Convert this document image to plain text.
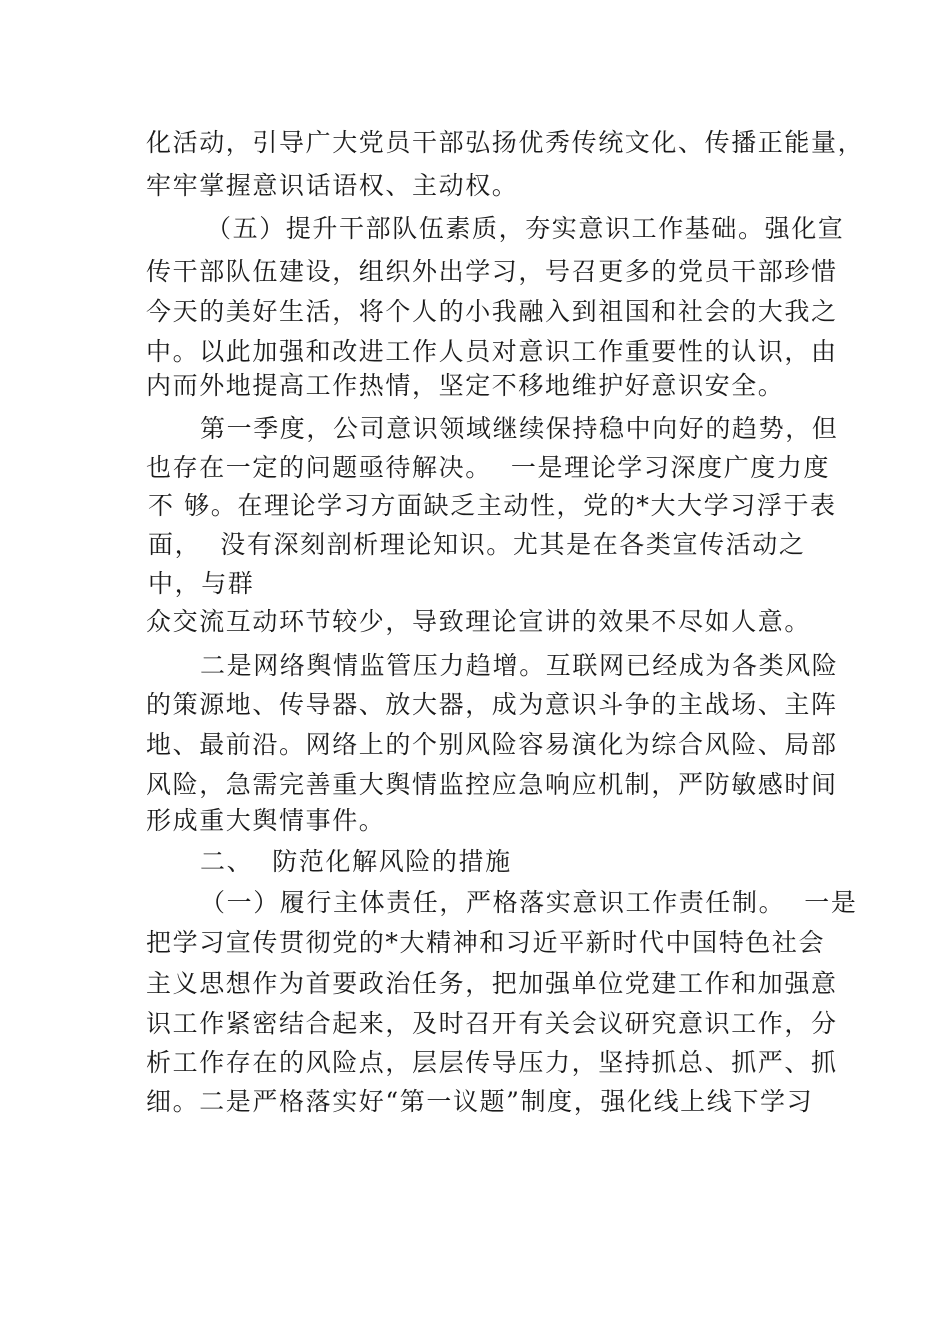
化活动，引导广大党员干部弘扬优秀传统文化、传播正能量，
牢牢掌握意识话语权、主动权。
（五）提升干部队伍素质，夯实意识工作基础。强化宣
传干部队伍建设，组织外出学习，号召更多的党员干部珍惜
今天的美好生活，将个人的小我融入到祖国和社会的大我之
中。以此加强和改进工作人员对意识工作重要性的认识，由
内而外地提高工作热情，坚定不移地维护好意识安全。
第一季度，公司意识领域继续保持稳中向好的趋势，但
也存在一定的问题亟待解决。  一是理论学习深度广度力度
不 够。在理论学习方面缺乏主动性，党的*大大学习浮于表
面，  没有深刻剖析理论知识。尤其是在各类宣传活动之
中，与群
众交流互动环节较少，导致理论宣讲的效果不尽如人意。
二是网络舆情监管压力趋增。互联网已经成为各类风险
的策源地、传导器、放大器，成为意识斗争的主战场、主阵
地、最前沿。网络上的个别风险容易演化为综合风险、局部
风险，急需完善重大舆情监控应急响应机制，严防敏感时间
形成重大舆情事件。
二、  防范化解风险的措施
（一）履行主体责任，严格落实意识工作责任制。  一是
把学习宣传贯彻党的*大精神和习近平新时代中国特色社会
主义思想作为首要政治任务，把加强单位党建工作和加强意
识工作紧密结合起来，及时召开有关会议研究意识工作，分
析工作存在的风险点，层层传导压力，坚持抓总、抓严、抓
细。二是严格落实好“第一议题”制度，强化线上线下学习
